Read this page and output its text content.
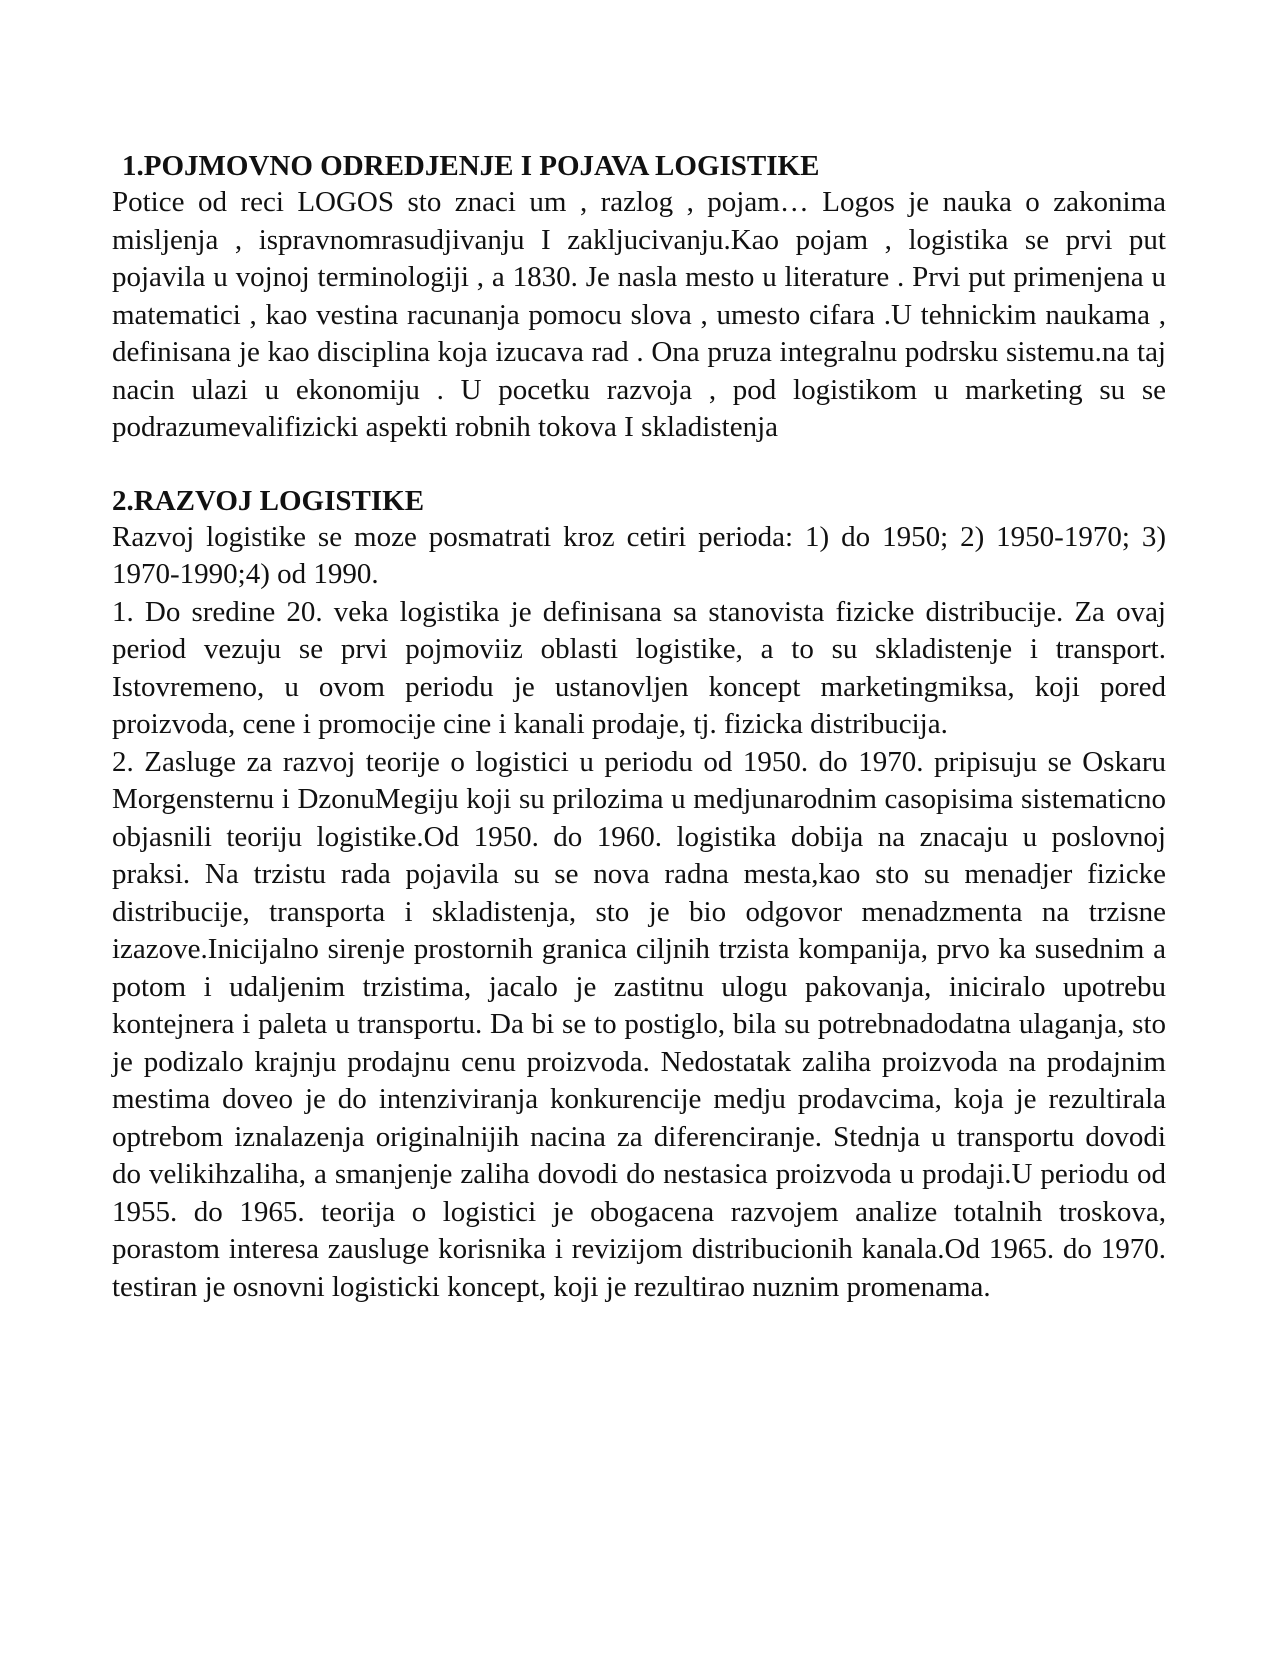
1.POJMOVNO ODREDJENJE I POJAVA LOGISTIKE

Potice od reci LOGOS sto znaci um , razlog , pojam… Logos je nauka o zakonima misljenja , ispravnomrasudjivanju I zakljucivanju.Kao pojam , logistika se prvi put pojavila u vojnoj terminologiji , a 1830. Je nasla mesto u literature . Prvi put primenjena u matematici , kao vestina racunanja pomocu slova , umesto cifara .U tehnickim naukama , definisana je kao disciplina koja izucava rad . Ona pruza integralnu podrsku sistemu.na taj nacin ulazi u ekonomiju . U pocetku razvoja , pod logistikom u marketing su se podrazumevalifizicki aspekti robnih tokova I skladistenja

2.RAZVOJ LOGISTIKE

Razvoj logistike se moze posmatrati kroz cetiri perioda: 1) do 1950; 2) 1950-1970; 3) 1970-1990;4) od 1990.

1. Do sredine 20. veka logistika je definisana sa stanovista fizicke distribucije. Za ovaj period vezuju se prvi pojmoviiz oblasti logistike, a to su skladistenje i transport. Istovremeno, u ovom periodu je ustanovljen koncept marketingmiksa, koji pored proizvoda, cene i promocije cine i kanali prodaje, tj. fizicka distribucija.

2. Zasluge za razvoj teorije o logistici u periodu od 1950. do 1970. pripisuju se Oskaru Morgensternu i DzonuMegiju koji su prilozima u medjunarodnim casopisima sistematicno objasnili teoriju logistike.Od 1950. do 1960. logistika dobija na znacaju u poslovnoj praksi. Na trzistu rada pojavila su se nova radna mesta,kao sto su menadjer fizicke distribucije, transporta i skladistenja, sto je bio odgovor menadzmenta na trzisne izazove.Inicijalno sirenje prostornih granica ciljnih trzista kompanija, prvo ka susednim a potom i udaljenim trzistima, jacalo je zastitnu ulogu pakovanja, iniciralo upotrebu kontejnera i paleta u transportu. Da bi se to postiglo, bila su potrebnadodatna ulaganja, sto je podizalo krajnju prodajnu cenu proizvoda. Nedostatak zaliha proizvoda na prodajnim mestima doveo je do intenziviranja konkurencije medju prodavcima, koja je rezultirala optrebom iznalazenja originalnijih nacina za diferenciranje. Stednja u transportu dovodi do velikihzaliha, a smanjenje zaliha dovodi do nestasica proizvoda u prodaji.U periodu od 1955. do 1965. teorija o logistici je obogacena razvojem analize totalnih troskova, porastom interesa zausluge korisnika i revizijom distribucionih kanala.Od 1965. do 1970. testiran je osnovni logisticki koncept, koji je rezultirao nuznim promenama.
